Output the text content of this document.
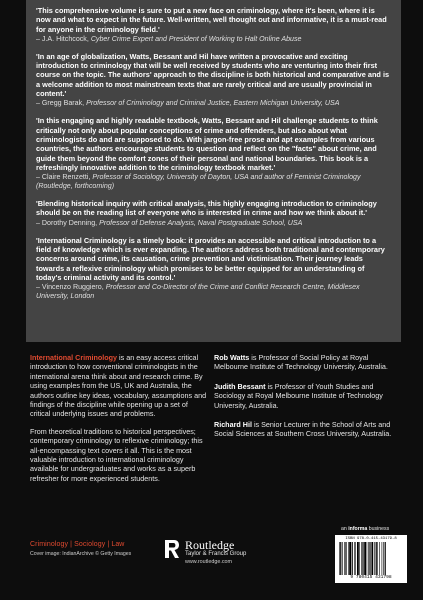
'This comprehensive volume is sure to put a new face on criminology, where it's been, where it is now and what to expect in the future. Well-written, well thought out and informative, it is a must-read for anyone in the criminology field.'

– J.A. Hitchcock, Cyber Crime Expert and President of Working to Halt Online Abuse

'In an age of globalization, Watts, Bessant and Hil have written a provocative and exciting introduction to criminology that will be well received by students who are venturing into their first course on the topic. The authors' approach to the discipline is both historical and comparative and is a welcome addition to most mainstream texts that are rarely critical and are usually provincial in content.'

– Gregg Barak, Professor of Criminology and Criminal Justice, Eastern Michigan University, USA

'In this engaging and highly readable textbook, Watts, Bessant and Hil challenge students to think critically not only about popular conceptions of crime and offenders, but also about what criminologists do and are supposed to do. With jargon-free prose and apt examples from various countries, the authors encourage students to question and reflect on the "facts" about crime, and guide them beyond the comfort zones of their personal and national boundaries. This book is a refreshingly innovative addition to the criminology textbook market.'

– Claire Renzetti, Professor of Sociology, University of Dayton, USA and author of Feminist Criminology (Routledge, forthcoming)

'Blending historical inquiry with critical analysis, this highly engaging introduction to criminology should be on the reading list of everyone who is interested in crime and how we think about it.'

– Dorothy Denning, Professor of Defense Analysis, Naval Postgraduate School, USA

'International Criminology is a timely book: it provides an accessible and critical introduction to a field of knowledge which is ever expanding. The authors address both traditional and contemporary concerns around crime, its causation, crime prevention and victimisation. Their journey leads towards a reflexive criminology which promises to be better equipped for an understanding of today's criminal activity and its control.'

– Vincenzo Ruggiero, Professor and Co-Director of the Crime and Conflict Research Centre, Middlesex University, London

International Criminology is an easy access critical introduction to how conventional criminologists in the international arena think about and research crime. By using examples from the US, UK and Australia, the authors outline key ideas, vocabulary, assumptions and findings of the discipline while opening up a set of critical underlying issues and problems.

From theoretical traditions to historical perspectives; contemporary criminology to reflexive criminology; this all-encompassing text covers it all. This is the most valuable introduction to international criminology available for undergraduates and works as a superb refresher for more experienced students.

Rob Watts is Professor of Social Policy at Royal Melbourne Institute of Technology University, Australia.

Judith Bessant is Professor of Youth Studies and Sociology at Royal Melbourne Institute of Technology University, Australia.

Richard Hil is Senior Lecturer in the School of Arts and Social Sciences at Southern Cross University, Australia.

Criminology | Sociology | Law
Cover image: IndianArchive © Getty Images
Routledge
Taylor & Francis Group
www.routledge.com
an informa business
ISBN 978-0-415-43179-8
9 780415 431798
